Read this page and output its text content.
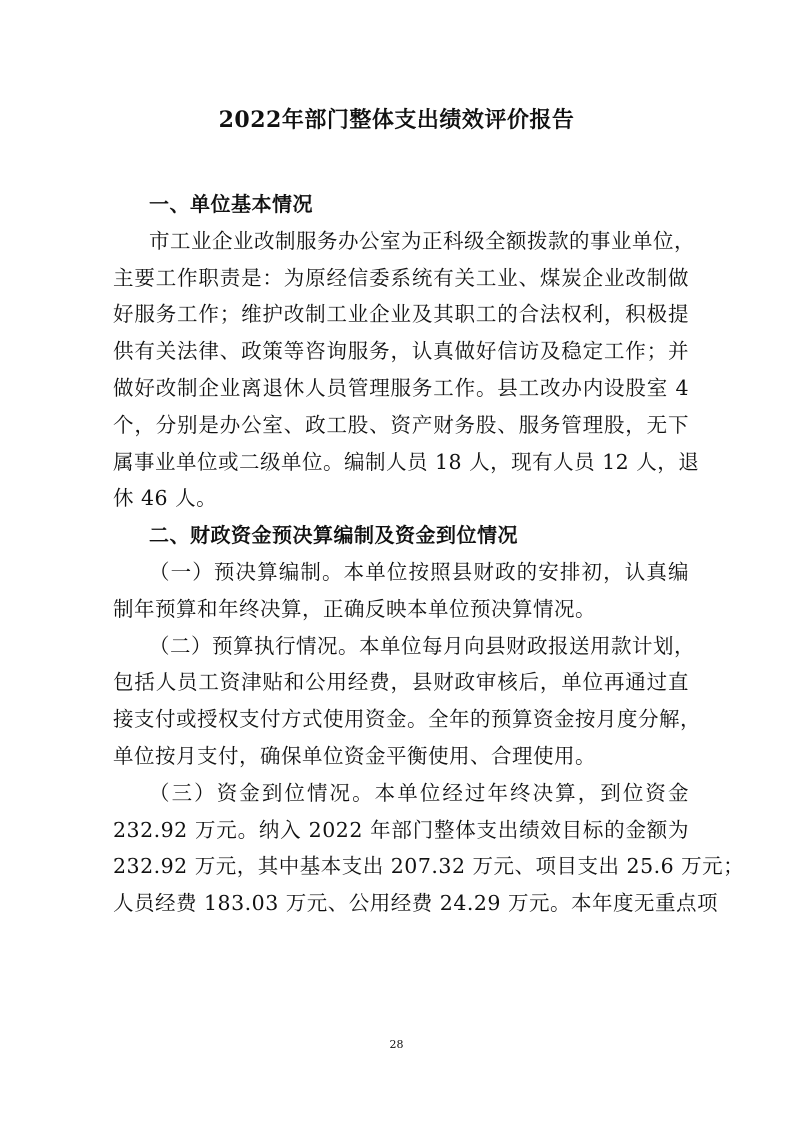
2022年部门整体支出绩效评价报告
一、单位基本情况
市工业企业改制服务办公室为正科级全额拨款的事业单位，
主要工作职责是：为原经信委系统有关工业、煤炭企业改制做
好服务工作；维护改制工业企业及其职工的合法权利，积极提
供有关法律、政策等咨询服务，认真做好信访及稳定工作；并
做好改制企业离退休人员管理服务工作。县工改办内设股室 4
个，分别是办公室、政工股、资产财务股、服务管理股，无下
属事业单位或二级单位。编制人员 18 人，现有人员 12 人，退
休 46 人。
二、财政资金预决算编制及资金到位情况
（一）预决算编制。本单位按照县财政的安排初，认真编
制年预算和年终决算，正确反映本单位预决算情况。
（二）预算执行情况。本单位每月向县财政报送用款计划，
包括人员工资津贴和公用经费，县财政审核后，单位再通过直
接支付或授权支付方式使用资金。全年的预算资金按月度分解，
单位按月支付，确保单位资金平衡使用、合理使用。
（三）资金到位情况。本单位经过年终决算，到位资金
232.92 万元。纳入 2022 年部门整体支出绩效目标的金额为
232.92 万元，其中基本支出 207.32 万元、项目支出 25.6 万元；
人员经费 183.03 万元、公用经费 24.29 万元。本年度无重点项
28
